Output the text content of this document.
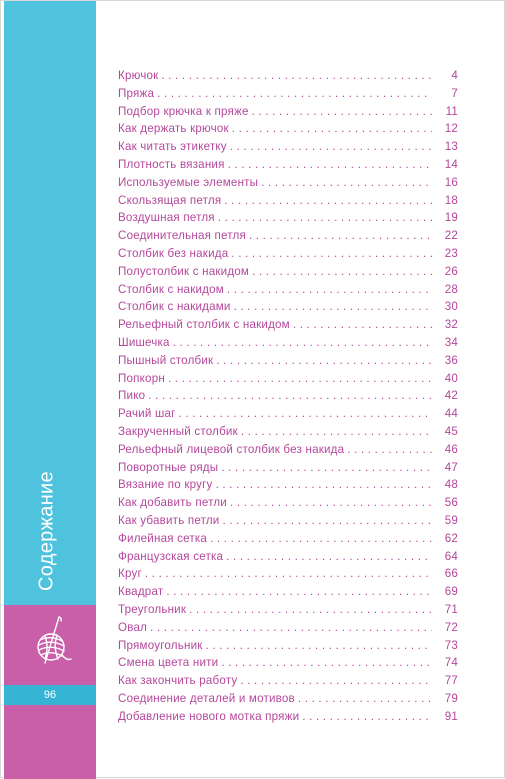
96
Содержание
Крючок . . .	4
Пряжа . . .	7
Подбор крючка к пряже . . .	11
Как держать крючок . . .	12
Как читать этикетку . . .	13
Плотность вязания . . .	14
Используемые элементы . . .	16
Скользящая петля . . .	18
Воздушная петля . . .	19
Соединительная петля . . .	22
Столбик без накида . . .	23
Полустолбик с накидом . . .	26
Столбик с накидом . . .	28
Столбик с накидами . . .	30
Рельефный столбик с накидом . . .	32
Шишечка . . .	34
Пышный столбик . . .	36
Попкорн . . .	40
Пико . . .	42
Рачий шаг . . .	44
Закрученный столбик . . .	45
Рельефный лицевой столбик без накида . . .	46
Поворотные ряды . . .	47
Вязание по кругу . . .	48
Как добавить петли . . .	56
Как убавить петли . . .	59
Филейная сетка . . .	62
Французская сетка . . .	64
Круг . . .	66
Квадрат . . .	69
Треугольник . . .	71
Овал . . .	72
Прямоугольник . . .	73
Смена цвета нити . . .	74
Как закончить работу . . .	77
Соединение деталей и мотивов . . .	79
Добавление нового мотка пряжи . . .	91
